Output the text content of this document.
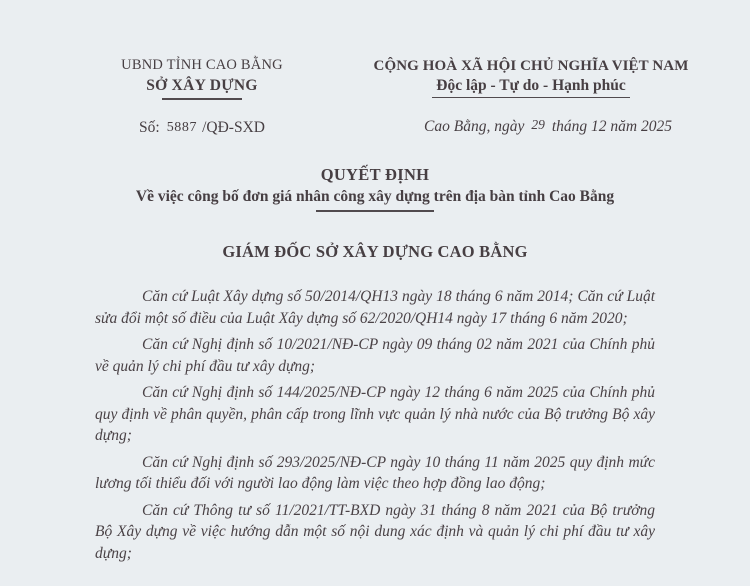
UBND TỈNH CAO BẰNG
SỞ XÂY DỰNG
Số: 5887 /QĐ-SXD
CỘNG HOÀ XÃ HỘI CHỦ NGHĨA VIỆT NAM
Độc lập - Tự do - Hạnh phúc
Cao Bằng, ngày 29 tháng 12 năm 2025
QUYẾT ĐỊNH
Về việc công bố đơn giá nhân công xây dựng trên địa bàn tỉnh Cao Bằng
GIÁM ĐỐC SỞ XÂY DỰNG CAO BẰNG

Căn cứ Luật Xây dựng số 50/2014/QH13 ngày 18 tháng 6 năm 2014; Căn cứ Luật sửa đổi một số điều của Luật Xây dựng số 62/2020/QH14 ngày 17 tháng 6 năm 2020;

Căn cứ Nghị định số 10/2021/NĐ-CP ngày 09 tháng 02 năm 2021 của Chính phủ về quản lý chi phí đầu tư xây dựng;

Căn cứ Nghị định số 144/2025/NĐ-CP ngày 12 tháng 6 năm 2025 của Chính phủ quy định về phân quyền, phân cấp trong lĩnh vực quản lý nhà nước của Bộ trưởng Bộ xây dựng;

Căn cứ Nghị định số 293/2025/NĐ-CP ngày 10 tháng 11 năm 2025 quy định mức lương tối thiểu đối với người lao động làm việc theo hợp đồng lao động;

Căn cứ Thông tư số 11/2021/TT-BXD ngày 31 tháng 8 năm 2021 của Bộ trưởng Bộ Xây dựng về việc hướng dẫn một số nội dung xác định và quản lý chi phí đầu tư xây dựng;
